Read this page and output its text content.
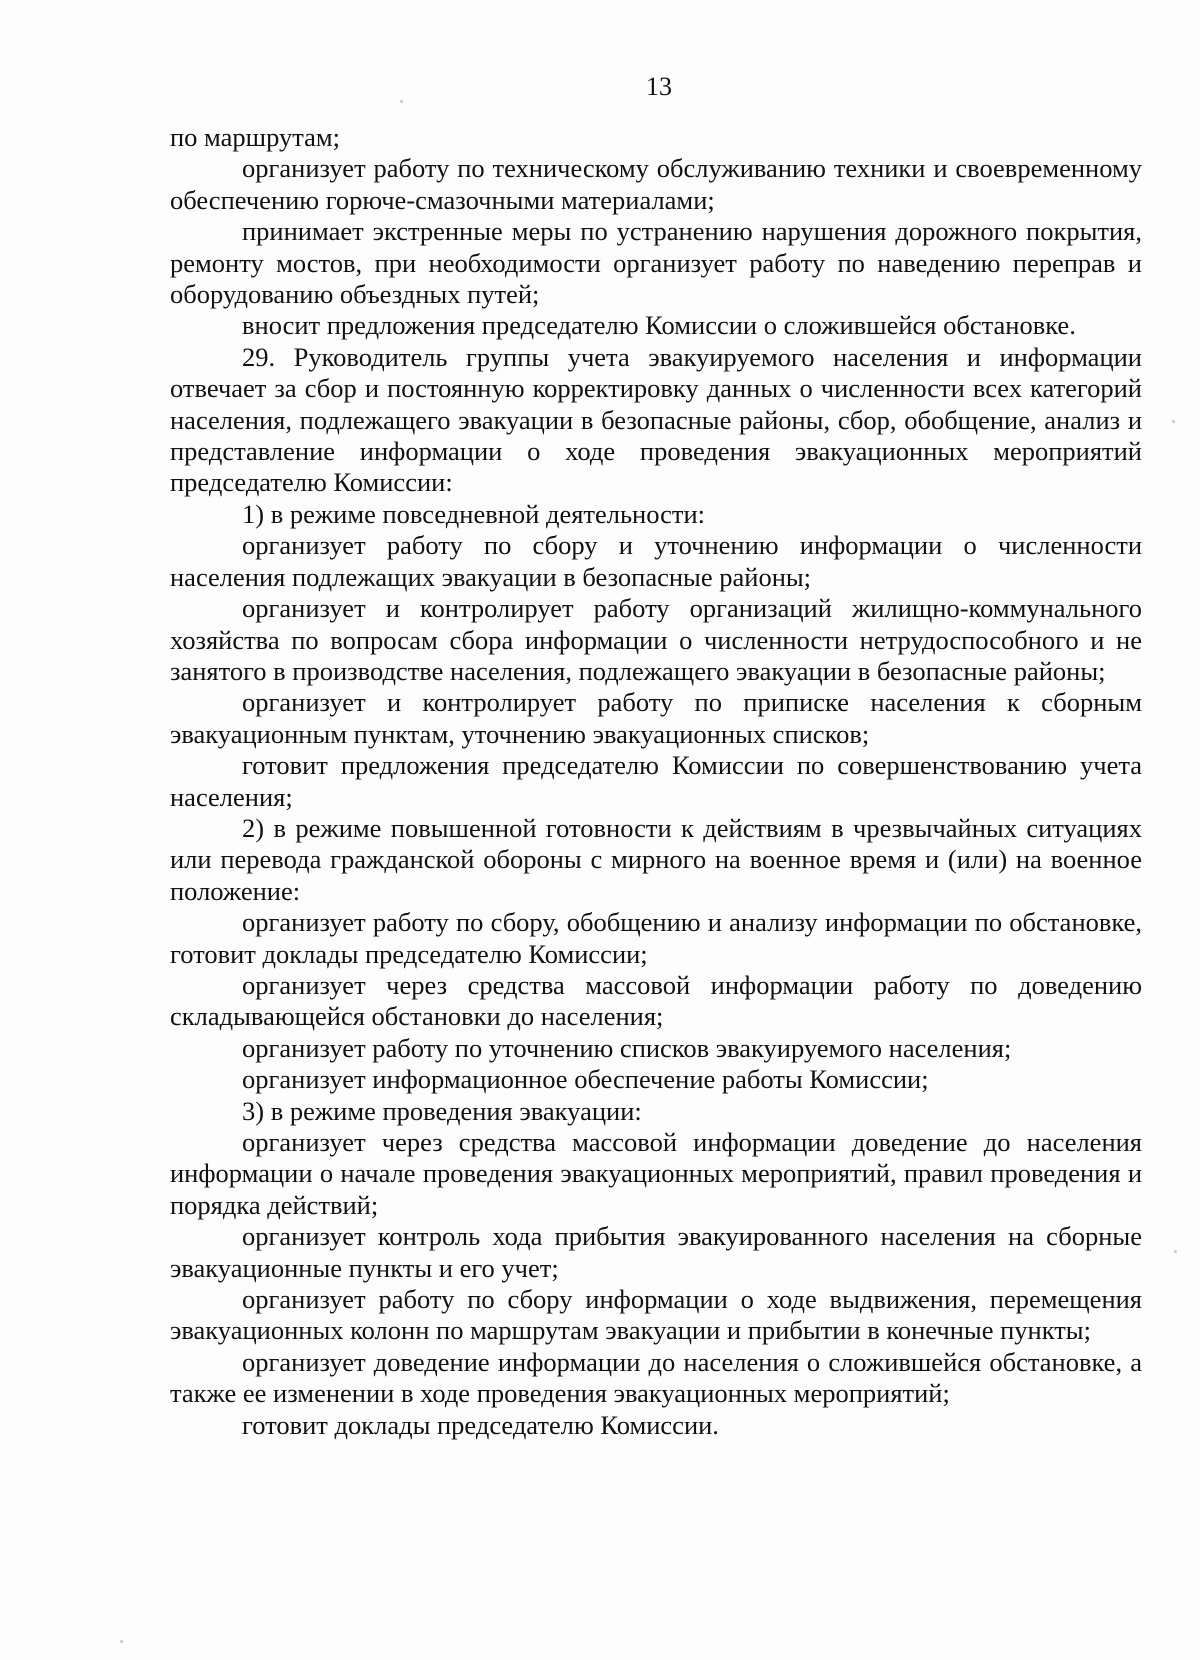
13

по маршрутам;

организует работу по техническому обслуживанию техники и своевременному обеспечению горюче-смазочными материалами;

принимает экстренные меры по устранению нарушения дорожного покрытия, ремонту мостов, при необходимости организует работу по наведению переправ и оборудованию объездных путей;

вносит предложения председателю Комиссии о сложившейся обстановке.

29. Руководитель группы учета эвакуируемого населения и информации отвечает за сбор и постоянную корректировку данных о численности всех категорий населения, подлежащего эвакуации в безопасные районы, сбор, обобщение, анализ и представление информации о ходе проведения эвакуационных мероприятий председателю Комиссии:

1) в режиме повседневной деятельности:

организует работу по сбору и уточнению информации о численности населения подлежащих эвакуации в безопасные районы;

организует и контролирует работу организаций жилищно-коммунального хозяйства по вопросам сбора информации о численности нетрудоспособного и не занятого в производстве населения, подлежащего эвакуации в безопасные районы;

организует и контролирует работу по приписке населения к сборным эвакуационным пунктам, уточнению эвакуационных списков;

готовит предложения председателю Комиссии по совершенствованию учета населения;

2) в режиме повышенной готовности к действиям в чрезвычайных ситуациях или перевода гражданской обороны с мирного на военное время и (или) на военное положение:

организует работу по сбору, обобщению и анализу информации по обстановке, готовит доклады председателю Комиссии;

организует через средства массовой информации работу по доведению складывающейся обстановки до населения;

организует работу по уточнению списков эвакуируемого населения;

организует информационное обеспечение работы Комиссии;

3) в режиме проведения эвакуации:

организует через средства массовой информации доведение до населения информации о начале проведения эвакуационных мероприятий, правил проведения и порядка действий;

организует контроль хода прибытия эвакуированного населения на сборные эвакуационные пункты и его учет;

организует работу по сбору информации о ходе выдвижения, перемещения эвакуационных колонн по маршрутам эвакуации и прибытии в конечные пункты;

организует доведение информации до населения о сложившейся обстановке, а также ее изменении в ходе проведения эвакуационных мероприятий;

готовит доклады председателю Комиссии.
